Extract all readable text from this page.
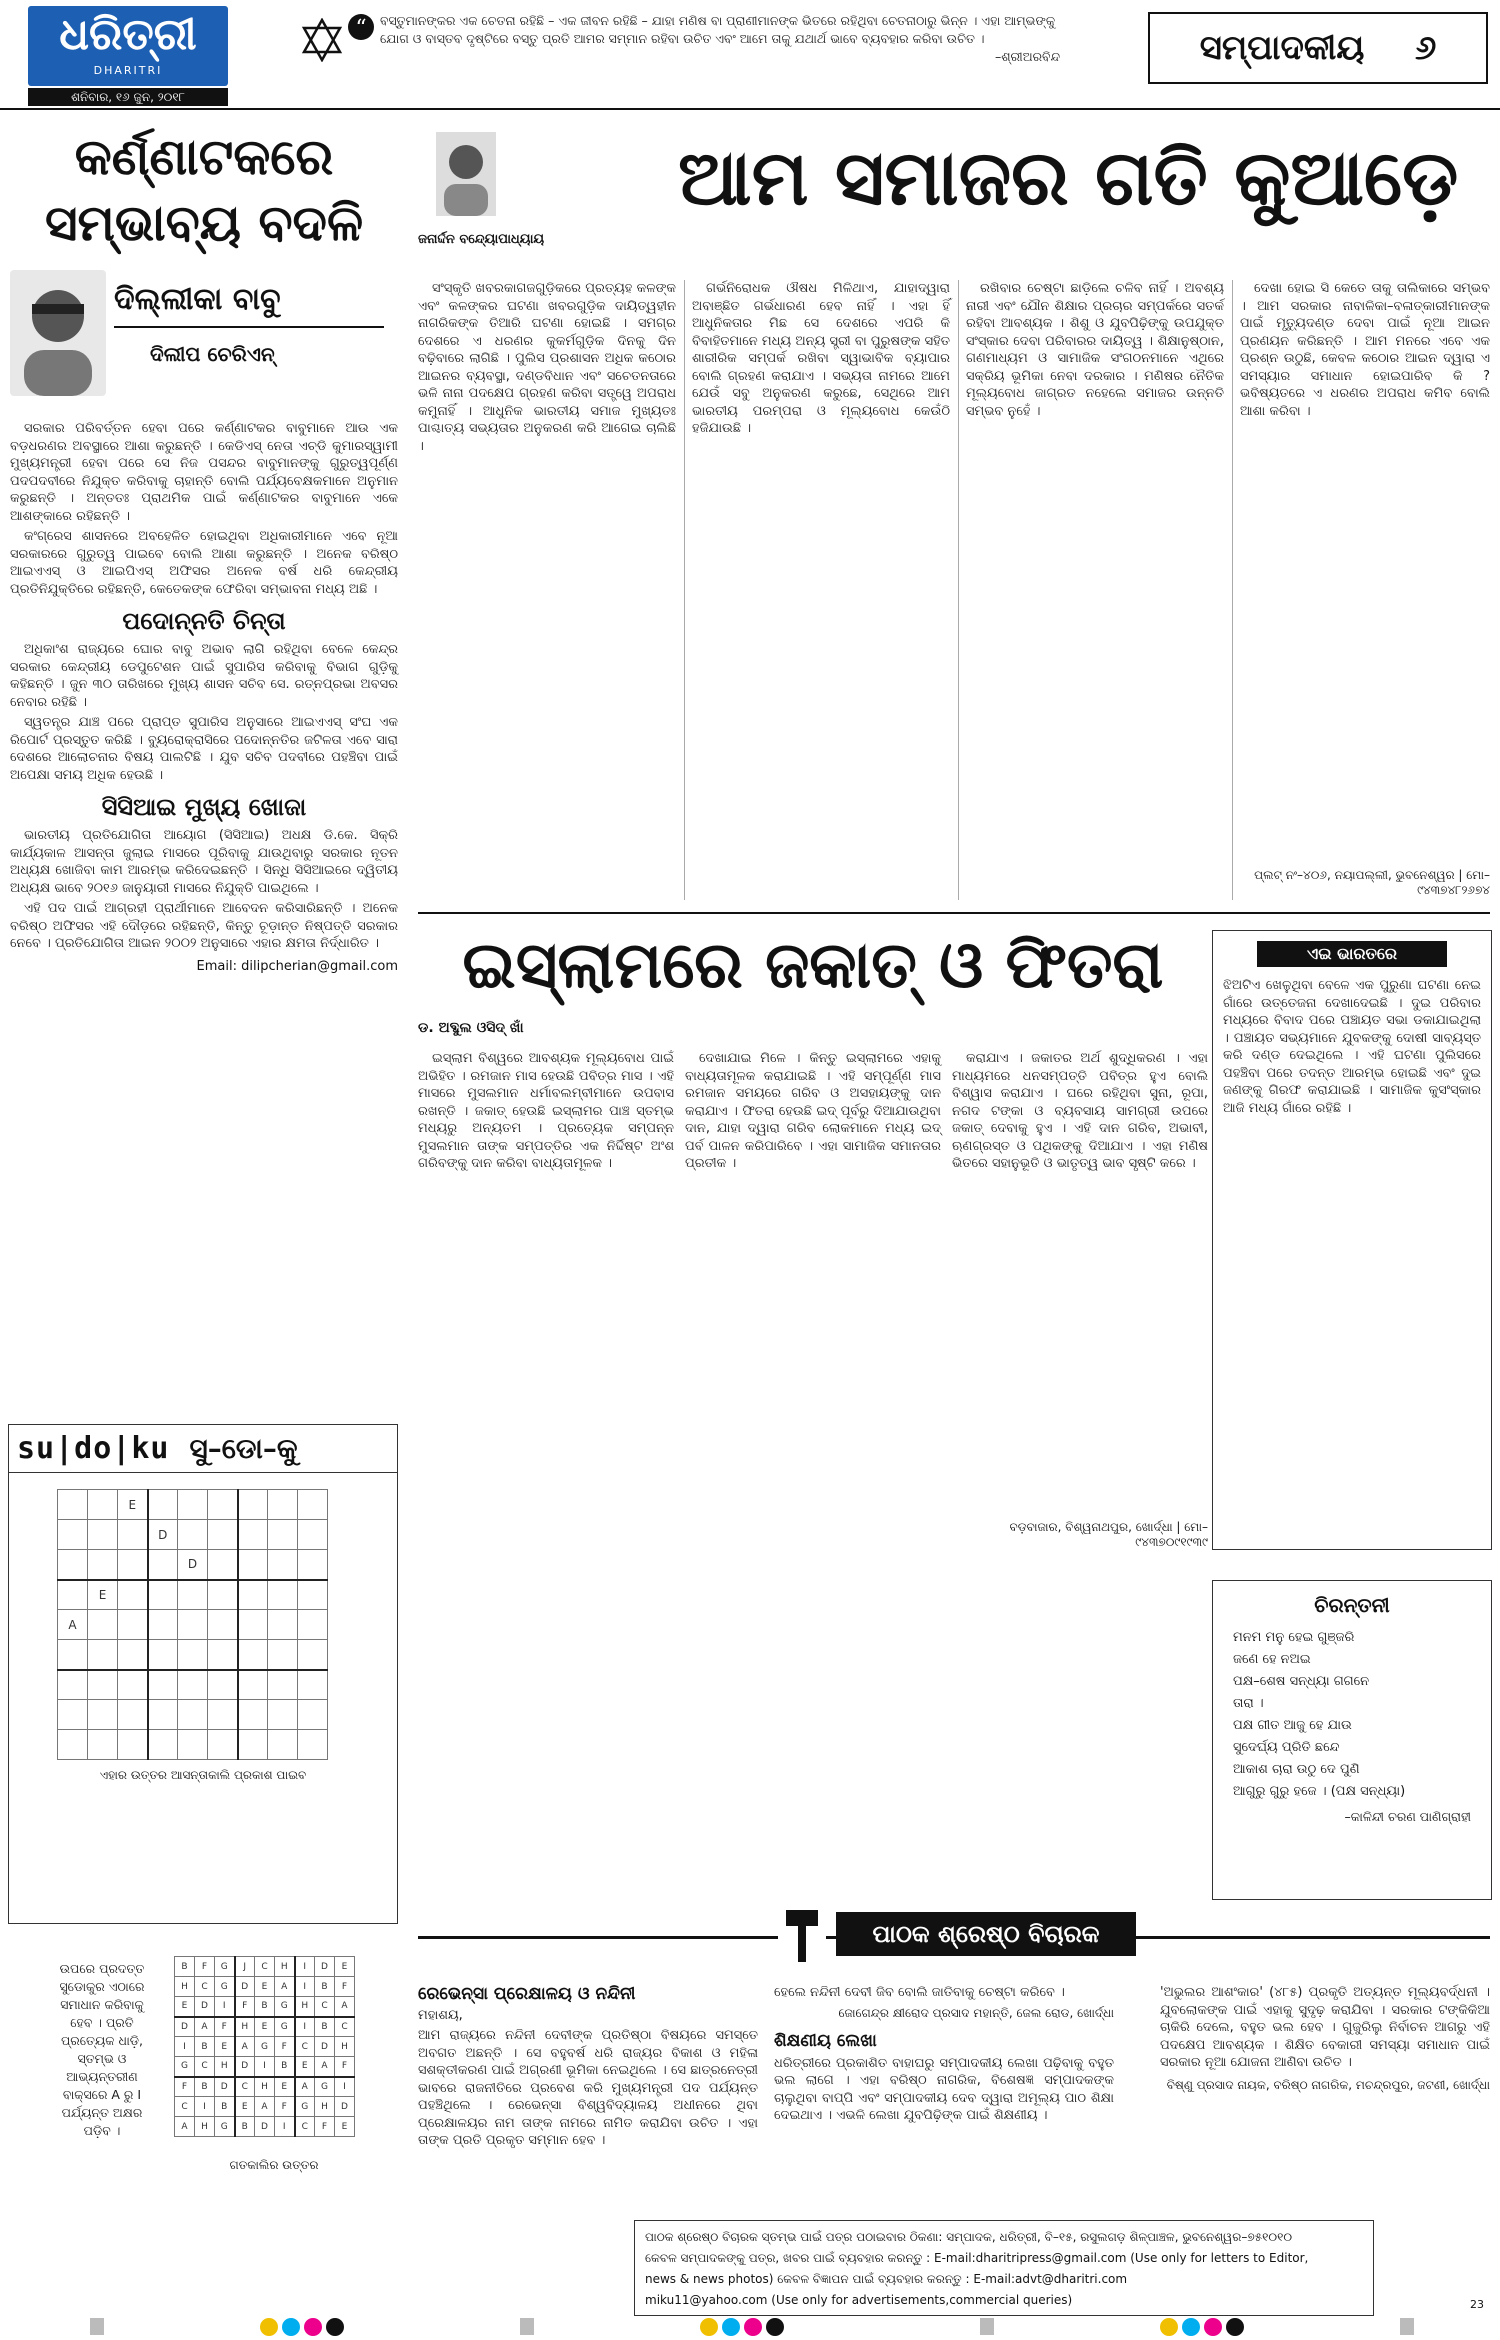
ଧରିତ୍ରୀ
DHARITRI
ଶନିବାର, ୧୬ ଜୁନ, ୨୦୧୮
“	ବସ୍ତୁମାନଙ୍କର ଏକ ଚେତନା ରହିଛି – ଏକ ଜୀବନ ରହିଛି – ଯାହା ମଣିଷ ବା ପ୍ରାଣୀମାନଙ୍କ ଭିତରେ ରହିଥିବା ଚେତନାଠାରୁ ଭିନ୍ନ । ଏହା ଆମ୍ଭଙ୍କୁ ଯୋଗ ଓ ବାସ୍ତବ ଦୃଷ୍ଟିରେ ବସ୍ତୁ ପ୍ରତି ଆମର ସମ୍ମାନ ରହିବା ଉଚିତ ଏବଂ ଆମେ ତାକୁ ଯଥାର୍ଥ ଭାବେ ବ୍ୟବହାର କରିବା ଉଚିତ ।
–ଶ୍ରୀଅରବିନ୍ଦ	ସମ୍ପାଦକୀୟ ୬
କର୍ଣ୍ଣାଟକରେ ସମ୍ଭାବ୍ୟ ବଦଳି
ଦିଲ୍ଲୀକା ବାବୁ
ଦିଲୀପ ଚେରିଏନ୍

ସରକାର ପରିବର୍ତ୍ତନ ହେବା ପରେ କର୍ଣ୍ଣାଟକର ବାବୁମାନେ ଆଉ ଏକ ବଡ଼ଧରଣର ଅବସ୍ଥାରେ ଆଶା କରୁଛନ୍ତି । କେଡିଏସ୍ ନେତା ଏଚ୍ଡି କୁମାରସ୍ୱାମୀ ମୁଖ୍ୟମନ୍ତ୍ରୀ ହେବା ପରେ ସେ ନିଜ ପସନ୍ଦର ବାବୁମାନଙ୍କୁ ଗୁରୁତ୍ୱପୂର୍ଣ୍ଣ ପଦପଦବୀରେ ନିଯୁକ୍ତ କରିବାକୁ ଚାହାନ୍ତି ବୋଲି ପର୍ଯ୍ୟବେକ୍ଷକମାନେ ଅନୁମାନ କରୁଛନ୍ତି । ଅନ୍ତତଃ ପ୍ରାଥମିକ ପାଇଁ କର୍ଣ୍ଣାଟକର ବାବୁମାନେ ଏକେ ଆଶଙ୍କାରେ ରହିଛନ୍ତି ।

କଂଗ୍ରେସ ଶାସନରେ ଅବହେଳିତ ହୋଇଥିବା ଅଧିକାରୀମାନେ ଏବେ ନୂଆ ସରକାରରେ ଗୁରୁତ୍ୱ ପାଇବେ ବୋଲି ଆଶା କରୁଛନ୍ତି । ଅନେକ ବରିଷ୍ଠ ଆଇଏଏସ୍ ଓ ଆଇପିଏସ୍ ଅଫିସର ଅନେକ ବର୍ଷ ଧରି କେନ୍ଦ୍ରୀୟ ପ୍ରତିନିଯୁକ୍ତିରେ ରହିଛନ୍ତି, କେତେକଙ୍କ ଫେରିବା ସମ୍ଭାବନା ମଧ୍ୟ ଅଛି ।

ପଦୋନ୍ନତି ଚିନ୍ତା

ଅଧିକାଂଶ ରାଜ୍ୟରେ ଘୋର ବାବୁ ଅଭାବ ଲାଗି ରହିଥିବା ବେଳେ କେନ୍ଦ୍ର ସରକାର କେନ୍ଦ୍ରୀୟ ଡେପୁଟେଶନ ପାଇଁ ସୁପାରିସ କରିବାକୁ ବିଭାଗ ଗୁଡ଼ିକୁ କହିଛନ୍ତି । ଜୁନ ୩୦ ତାରିଖରେ ମୁଖ୍ୟ ଶାସନ ସଚିବ ସେ. ରତ୍ନପ୍ରଭା ଅବସର ନେବାର ରହିଛି ।

ସ୍ୱତନ୍ତ୍ର ଯାଞ୍ଚ ପରେ ପ୍ରାପ୍ତ ସୁପାରିସ ଅନୁସାରେ ଆଇଏଏସ୍ ସଂଘ ଏକ ରିପୋର୍ଟ ପ୍ରସ୍ତୁତ କରିଛି । ବ୍ୟୁରୋକ୍ରାସିରେ ପଦୋନ୍ନତିର ଜଟିଳତା ଏବେ ସାରା ଦେଶରେ ଆଲୋଚନାର ବିଷୟ ପାଲଟିଛି । ଯୁବ ସଚିବ ପଦବୀରେ ପହଞ୍ଚିବା ପାଇଁ ଅପେକ୍ଷା ସମୟ ଅଧିକ ହେଉଛି ।

ସିସିଆଇ ମୁଖ୍ୟ ଖୋଜା

ଭାରତୀୟ ପ୍ରତିଯୋଗିତା ଆୟୋଗ (ସିସିଆଇ) ଅଧକ୍ଷ ଡି.କେ. ସିକ୍ରି କାର୍ଯ୍ୟକାଳ ଆସନ୍ତା ଜୁଲାଇ ମାସରେ ପୂରିବାକୁ ଯାଉଥିବାରୁ ସରକାର ନୂତନ ଅଧ୍ୟକ୍ଷ ଖୋଜିବା କାମ ଆରମ୍ଭ କରିଦେଇଛନ୍ତି । ସିନ୍ଧି ସିସିଆଇରେ ଦ୍ୱିତୀୟ ଅଧ୍ୟକ୍ଷ ଭାବେ ୨୦୧୬ ଜାନୁୟାରୀ ମାସରେ ନିଯୁକ୍ତି ପାଇଥିଲେ ।

ଏହି ପଦ ପାଇଁ ଆଗ୍ରହୀ ପ୍ରାର୍ଥୀମାନେ ଆବେଦନ କରିସାରିଛନ୍ତି । ଅନେକ ବରିଷ୍ଠ ଅଫିସର ଏହି ଦୌଡ଼ରେ ରହିଛନ୍ତି, କିନ୍ତୁ ଚୂଡ଼ାନ୍ତ ନିଷ୍ପତ୍ତି ସରକାର ନେବେ । ପ୍ରତିଯୋଗିତା ଆଇନ ୨୦୦୨ ଅନୁସାରେ ଏହାର କ୍ଷମତା ନିର୍ଦ୍ଧାରିତ ।

Email: dilipcherian@gmail.com
su|do|ku ସୁ–ଡୋ–କୁ
		E						
			D					
				D				
	E							
A								

ଏହାର ଉତ୍ତର ଆସନ୍ତାକାଲି ପ୍ରକାଶ ପାଇବ
ଉପରେ ପ୍ରଦତ୍ତ ସୁଡୋକୁର ଏଠାରେ ସମାଧାନ କରିବାକୁ ହେବ । ପ୍ରତି ପ୍ରତ୍ୟେକ ଧାଡ଼ି, ସ୍ତମ୍ଭ ଓ ଆଭ୍ୟନ୍ତରୀଣ ବାକ୍ସରେ A ରୁ I ପର୍ଯ୍ୟନ୍ତ ଅକ୍ଷର ପଡ଼ିବ ।
B	F	G	J	C	H	I	D	E
H	C	G	D	E	A	I	B	F
E	D	I	F	B	G	H	C	A
D	A	F	H	E	G	I	B	C
I	B	E	A	G	F	C	D	H
G	C	H	D	I	B	E	A	F
F	B	D	C	H	E	A	G	I
C	I	B	E	A	F	G	H	D
A	H	G	B	D	I	C	F	E
ଗତକାଲିର ଉତ୍ତର
ଜନାର୍ଦ୍ଦନ ବନ୍ଦ୍ୟୋପାଧ୍ୟାୟ
ଆମ ସମାଜର ଗତି କୁଆଡ଼େ

ସଂସ୍କୃତି ଖବରକାଗଜଗୁଡ଼ିକରେ ପ୍ରତ୍ୟହ କଳଙ୍କ ଏବଂ କଳଙ୍କର ଘଟଣା ଖବରଗୁଡ଼ିକ ଦାୟିତ୍ୱହୀନ ନାଗରିକଙ୍କ ତିଆରି ଘଟଣା ହୋଇଛି । ସମଗ୍ର ଦେଶରେ ଏ ଧରଣର କୁକର୍ମଗୁଡ଼ିକ ଦିନକୁ ଦିନ ବଢ଼ିବାରେ ଲାଗିଛି । ପୁଲିସ ପ୍ରଶାସନ ଅଧିକ କଠୋର ଆଇନର ବ୍ୟବସ୍ଥା, ଦଣ୍ଡବିଧାନ ଏବଂ ସଚେତନତାରେ ଭଳି ନାନା ପଦକ୍ଷେପ ଗ୍ରହଣ କରିବା ସତ୍ତ୍ୱେ ଅପରାଧ କମୁନାହିଁ । ଆଧୁନିକ ଭାରତୀୟ ସମାଜ ମୁଖ୍ୟତଃ ପାଶ୍ଚାତ୍ୟ ସଭ୍ୟତାର ଅନୁକରଣ କରି ଆଗେଇ ଚାଲିଛି ।

ଗର୍ଭନିରୋଧକ ଔଷଧ ମିଳିଥାଏ, ଯାହାଦ୍ୱାରା ଅବାଞ୍ଛିତ ଗର୍ଭଧାରଣ ହେବ ନାହିଁ । ଏହା ହିଁ ଆଧୁନିକତାର ମିଛ ସେ ଦେଶରେ ଏପରି କି ବିବାହିତମାନେ ମଧ୍ୟ ଅନ୍ୟ ସ୍ତ୍ରୀ ବା ପୁରୁଷଙ୍କ ସହିତ ଶାରୀରିକ ସମ୍ପର୍କ ରଖିବା ସ୍ୱାଭାବିକ ବ୍ୟାପାର ବୋଲି ଗ୍ରହଣ କରାଯାଏ । ସଭ୍ୟତା ନାମରେ ଆମେ ଯେଉଁ ସବୁ ଅନୁକରଣ କରୁଛେ, ସେଥିରେ ଆମ ଭାରତୀୟ ପରମ୍ପରା ଓ ମୂଲ୍ୟବୋଧ କେଉଁଠି ହଜିଯାଉଛି ।

ରଖିବାର ଚେଷ୍ଟା ଛାଡ଼ିଲେ ଚଳିବ ନାହିଁ । ଅବଶ୍ୟ ନାରୀ ଏବଂ ଯୌନ ଶିକ୍ଷାର ପ୍ରଚାର ସମ୍ପର୍କରେ ସତର୍କ ରହିବା ଆବଶ୍ୟକ । ଶିଶୁ ଓ ଯୁବପିଢ଼ିଙ୍କୁ ଉପଯୁକ୍ତ ସଂସ୍କାର ଦେବା ପରିବାରର ଦାୟିତ୍ୱ । ଶିକ୍ଷାନୁଷ୍ଠାନ, ଗଣମାଧ୍ୟମ ଓ ସାମାଜିକ ସଂଗଠନମାନେ ଏଥିରେ ସକ୍ରିୟ ଭୂମିକା ନେବା ଦରକାର । ମଣିଷର ନୈତିକ ମୂଲ୍ୟବୋଧ ଜାଗ୍ରତ ନହେଲେ ସମାଜର ଉନ୍ନତି ସମ୍ଭବ ନୁହେଁ ।

ଦେଖା ହୋଇ ସି କେତେ ତାକୁ ତାଲିକାରେ ସମ୍ଭବ । ଆମ ସରକାର ନାବାଳିକା–ବଳାତ୍କାରୀମାନଙ୍କ ପାଇଁ ମୃତ୍ୟୁଦଣ୍ଡ ଦେବା ପାଇଁ ନୂଆ ଆଇନ ପ୍ରଣୟନ କରିଛନ୍ତି । ଆମ ମନରେ ଏବେ ଏକ ପ୍ରଶ୍ନ ଉଠୁଛି, କେବଳ କଠୋର ଆଇନ ଦ୍ୱାରା ଏ ସମସ୍ୟାର ସମାଧାନ ହୋଇପାରିବ କି ? ଭବିଷ୍ୟତରେ ଏ ଧରଣର ଅପରାଧ କମିବ ବୋଲି ଆଶା କରିବା ।

ପ୍ଲଟ୍ ନଂ–୪୦୬, ନୟାପଲ୍ଲୀ, ଭୁବନେଶ୍ୱର | ମୋ–୯୪୩୭୪୮୨୬୭୪
ଇସ୍‌ଲାମରେ ଜକାତ୍ ଓ ଫିତରା
ଡ. ଅବ୍ଦୁଲ ଓସିଦ୍ ଖାଁ

ଇସ୍‌ଲାମ ବିଶ୍ୱରେ ଆବଶ୍ୟକ ମୂଲ୍ୟବୋଧ ପାଇଁ ଅଭିହିତ । ରମଜାନ ମାସ ହେଉଛି ପବିତ୍ର ମାସ । ଏହି ମାସରେ ମୁସଲମାନ ଧର୍ମାବଲମ୍ବୀମାନେ ଉପବାସ ରଖନ୍ତି । ଜକାତ୍ ହେଉଛି ଇସ୍‌ଲାମର ପାଞ୍ଚ ସ୍ତମ୍ଭ ମଧ୍ୟରୁ ଅନ୍ୟତମ । ପ୍ରତ୍ୟେକ ସମ୍ପନ୍ନ ମୁସଲମାନ ତାଙ୍କ ସମ୍ପତ୍ତିର ଏକ ନିର୍ଦ୍ଦିଷ୍ଟ ଅଂଶ ଗରିବଙ୍କୁ ଦାନ କରିବା ବାଧ୍ୟତାମୂଳକ ।

ଦେଖାଯାଇ ମିଳେ । କିନ୍ତୁ ଇସ୍‌ଲାମରେ ଏହାକୁ ବାଧ୍ୟତାମୂଳକ କରାଯାଇଛି । ଏହି ସମ୍ପୂର୍ଣ୍ଣ ମାସ ରମଜାନ ସମୟରେ ଗରିବ ଓ ଅସହାୟଙ୍କୁ ଦାନ କରାଯାଏ । ଫିତରା ହେଉଛି ଇଦ୍ ପୂର୍ବରୁ ଦିଆଯାଉଥିବା ଦାନ, ଯାହା ଦ୍ୱାରା ଗରିବ ଲୋକମାନେ ମଧ୍ୟ ଇଦ୍ ପର୍ବ ପାଳନ କରିପାରିବେ । ଏହା ସାମାଜିକ ସମାନତାର ପ୍ରତୀକ ।

କରାଯାଏ । ଜକାତର ଅର୍ଥ ଶୁଦ୍ଧିକରଣ । ଏହା ମାଧ୍ୟମରେ ଧନସମ୍ପତ୍ତି ପବିତ୍ର ହୁଏ ବୋଲି ବିଶ୍ୱାସ କରାଯାଏ । ଘରେ ରହିଥିବା ସୁନା, ରୂପା, ନଗଦ ଟଙ୍କା ଓ ବ୍ୟବସାୟ ସାମଗ୍ରୀ ଉପରେ ଜକାତ୍ ଦେବାକୁ ହୁଏ । ଏହି ଦାନ ଗରିବ, ଅଭାବୀ, ଋଣଗ୍ରସ୍ତ ଓ ପଥିକଙ୍କୁ ଦିଆଯାଏ । ଏହା ମଣିଷ ଭିତରେ ସହାନୁଭୂତି ଓ ଭାତୃତ୍ୱ ଭାବ ସୃଷ୍ଟି କରେ ।

ବଡ଼ବାଜାର, ବିଶ୍ୱନାଥପୁର, ଖୋର୍ଦ୍ଧା | ମୋ–୯୪୩୭୦୯୧୯୩୯
ଏଇ ଭାରତରେ
ଝିଅଟିଏ ଖେଳୁଥିବା ବେଳେ ଏକ ପୁରୁଣା ଘଟଣା ନେଇ ଗାଁରେ ଉତ୍ତେଜନା ଦେଖାଦେଇଛି । ଦୁଇ ପରିବାର ମଧ୍ୟରେ ବିବାଦ ପରେ ପଞ୍ଚାୟତ ସଭା ଡକାଯାଇଥିଲା । ପଞ୍ଚାୟତ ସଭ୍ୟମାନେ ଯୁବକଙ୍କୁ ଦୋଷୀ ସାବ୍ୟସ୍ତ କରି ଦଣ୍ଡ ଦେଇଥିଲେ । ଏହି ଘଟଣା ପୁଲିସରେ ପହଞ୍ଚିବା ପରେ ତଦନ୍ତ ଆରମ୍ଭ ହୋଇଛି ଏବଂ ଦୁଇ ଜଣଙ୍କୁ ଗିରଫ କରାଯାଇଛି । ସାମାଜିକ କୁସଂସ୍କାର ଆଜି ମଧ୍ୟ ଗାଁରେ ରହିଛି ।
ଚିରନ୍ତନୀ
ମନମ ମନୁ ହେଇ ଗୁଞ୍ଜରି
ଜଣେ ହେ ନଅଇ
ପକ୍ଷ–ଶେଷ ସନ୍ଧ୍ୟା ଗଗନେ
ତାରା ।
ପକ୍ଷ ଗୀତ ଆଜୁ ହେ ଯାଉ
ସୁଦେର୍ଘ୍ୟ ପ୍ରିତି ଛନ୍ଦେ
ଆକାଶ ଚାରା ଉଠୁ ଦେ ପୁଣି
ଆଗୁରୁ ଗୁରୁ ହଜେ । (ପକ୍ଷ ସନ୍ଧ୍ୟା)
–କାଳିନ୍ଦୀ ଚରଣ ପାଣିଗ୍ରାହୀ
ପାଠକ ଶ୍ରେଷ୍ଠ ବିଚାରକ
ରେଭେନ୍ସା ପ୍ରେକ୍ଷାଳୟ ଓ ନନ୍ଦିନୀ
ମହାଶୟ,
ଆମ ରାଜ୍ୟରେ ନନ୍ଦିନୀ ଦେବୀଙ୍କ ପ୍ରତିଷ୍ଠା ବିଷୟରେ ସମସ୍ତେ ଅବଗତ ଅଛନ୍ତି । ସେ ବହୁବର୍ଷ ଧରି ରାଜ୍ୟର ବିକାଶ ଓ ମହିଳା ସଶକ୍ତୀକରଣ ପାଇଁ ଅଗ୍ରଣୀ ଭୂମିକା ନେଇଥିଲେ । ସେ ଛାତ୍ରନେତ୍ରୀ ଭାବରେ ରାଜନୀତିରେ ପ୍ରବେଶ କରି ମୁଖ୍ୟମନ୍ତ୍ରୀ ପଦ ପର୍ଯ୍ୟନ୍ତ ପହଞ୍ଚିଥିଲେ । ରେଭେନ୍ସା ବିଶ୍ୱବିଦ୍ୟାଳୟ ଅଧୀନରେ ଥିବା ପ୍ରେକ୍ଷାଳୟର ନାମ ତାଙ୍କ ନାମରେ ନାମିତ କରାଯିବା ଉଚିତ । ଏହା ତାଙ୍କ ପ୍ରତି ପ୍ରକୃତ ସମ୍ମାନ ହେବ ।
ହେଲେ ନନ୍ଦିନୀ ଦେବୀ ଜିବ ବୋଲି ଜାତିବାକୁ ଚେଷ୍ଟା କରିବେ ।
ଜୋଗେନ୍ଦ୍ର କ୍ଷୀରୋଦ ପ୍ରସାଦ ମହାନ୍ତି, ଜେଲ ରୋଡ, ଖୋର୍ଦ୍ଧା
ଶିକ୍ଷଣୀୟ ଲେଖା
ଧରିତ୍ରୀରେ ପ୍ରକାଶିତ ବାହାଘରୁ ସମ୍ପାଦକୀୟ ଲେଖା ପଢ଼ିବାକୁ ବହୁତ ଭଲ ଲାଗେ । ଏହା ବରିଷ୍ଠ ନାଗରିକ, ବିଶେଷଜ୍ଞ ସମ୍ପାଦକଙ୍କ ଚାଲୁଥିବା ବାପ୍ପି ଏବଂ ସମ୍ପାଦକୀୟ ଦେବ ଦ୍ୱାରା ଅମୂଲ୍ୟ ପାଠ ଶିକ୍ଷା ଦେଇଥାଏ । ଏଭଳି ଲେଖା ଯୁବପିଢ଼ିଙ୍କ ପାଇଁ ଶିକ୍ଷଣୀୟ ।
'ଅଭୁଲର ଆଶଂକାର' (୪୮୫) ପ୍ରକୃତି ଅତ୍ୟନ୍ତ ମୂଲ୍ୟବର୍ଦ୍ଧନୀ । ଯୁବଲୋକଙ୍କ ପାଇଁ ଏହାକୁ ସୁଦୃଢ଼ କରାଯିବା । ସରକାର ଟଙ୍କିକିଆ ଚାକିରି ଦେଲେ, ବହୁତ ଭଲ ହେବ । ଗୁଜୁରିଲୁ ନିର୍ବାଚନ ଆଗରୁ ଏହି ପଦକ୍ଷେପ ଆବଶ୍ୟକ । ଶିକ୍ଷିତ ବେକାରୀ ସମସ୍ୟା ସମାଧାନ ପାଇଁ ସରକାର ନୂଆ ଯୋଜନା ଆଣିବା ଉଚିତ ।
ବିଷ୍ଣୁ ପ୍ରସାଦ ନାୟକ, ବରିଷ୍ଠ ନାଗରିକ, ମଚନ୍ଦ୍ରପୁର, ଜଟଣୀ, ଖୋର୍ଦ୍ଧା
ପାଠକ ଶ୍ରେଷ୍ଠ ବିଚାରକ ସ୍ତମ୍ଭ ପାଇଁ ପତ୍ର ପଠାଇବାର ଠିକଣା: ସମ୍ପାଦକ, ଧରିତ୍ରୀ, ବି–୧୫, ରସୁଲଗଡ଼ ଶିଳ୍ପାଞ୍ଚଳ, ଭୁବନେଶ୍ୱର–୭୫୧୦୧୦
କେବଳ ସମ୍ପାଦକଙ୍କୁ ପତ୍ର, ଖବର ପାଇଁ ବ୍ୟବହାର କରନ୍ତୁ : E-mail:dharitripress@gmail.com (Use only for letters to Editor,
news & news photos) କେବଳ ବିଜ୍ଞାପନ ପାଇଁ ବ୍ୟବହାର କରନ୍ତୁ : E-mail:advt@dharitri.com
miku11@yahoo.com (Use only for advertisements,commercial queries)	23
